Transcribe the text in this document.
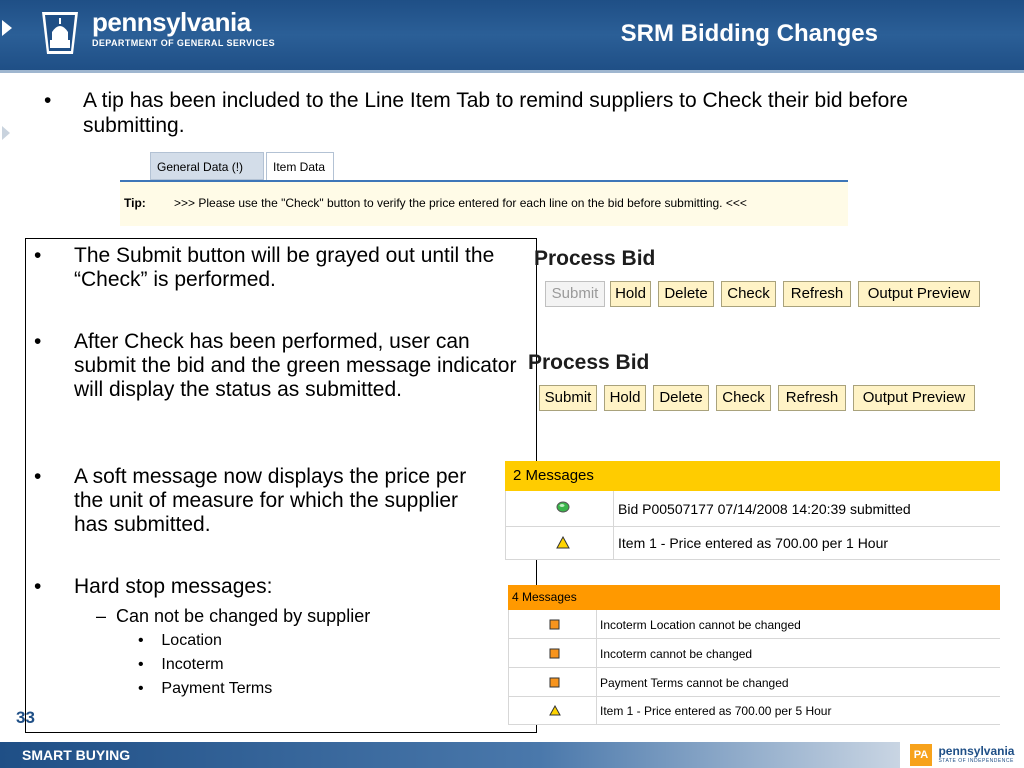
pennsylvania
DEPARTMENT OF GENERAL SERVICES	SRM Bidding Changes
• A tip has been included to the Line Item Tab to remind suppliers to Check their bid before submitting.
General Data (!)	Item Data
Tip: >>> Please use the "Check" button to verify the price entered for each line on the bid before submitting. <<<
• The Submit button will be grayed out until the “Check” is performed.
• After Check has been performed, user can submit the bid and the green message indicator will display the status as submitted.
• A soft message now displays the price per the unit of measure for which the supplier has submitted.
• Hard stop messages:
–  Can not be changed by supplier
•    Location
•    Incoterm
•    Payment Terms
33
Process Bid
Submit	Hold	Delete	Check	Refresh	Output Preview
Process Bid
Submit	Hold	Delete	Check	Refresh	Output Preview
2 Messages
Bid P00507177 07/14/2008 14:20:39 submitted
Item 1 - Price entered as 700.00 per 1 Hour
4 Messages
Incoterm Location cannot be changed
Incoterm cannot be changed
Payment Terms cannot be changed
Item 1 - Price entered as 700.00 per 5 Hour
SMART BUYING	PA pennsylvania
STATE OF INDEPENDENCE
